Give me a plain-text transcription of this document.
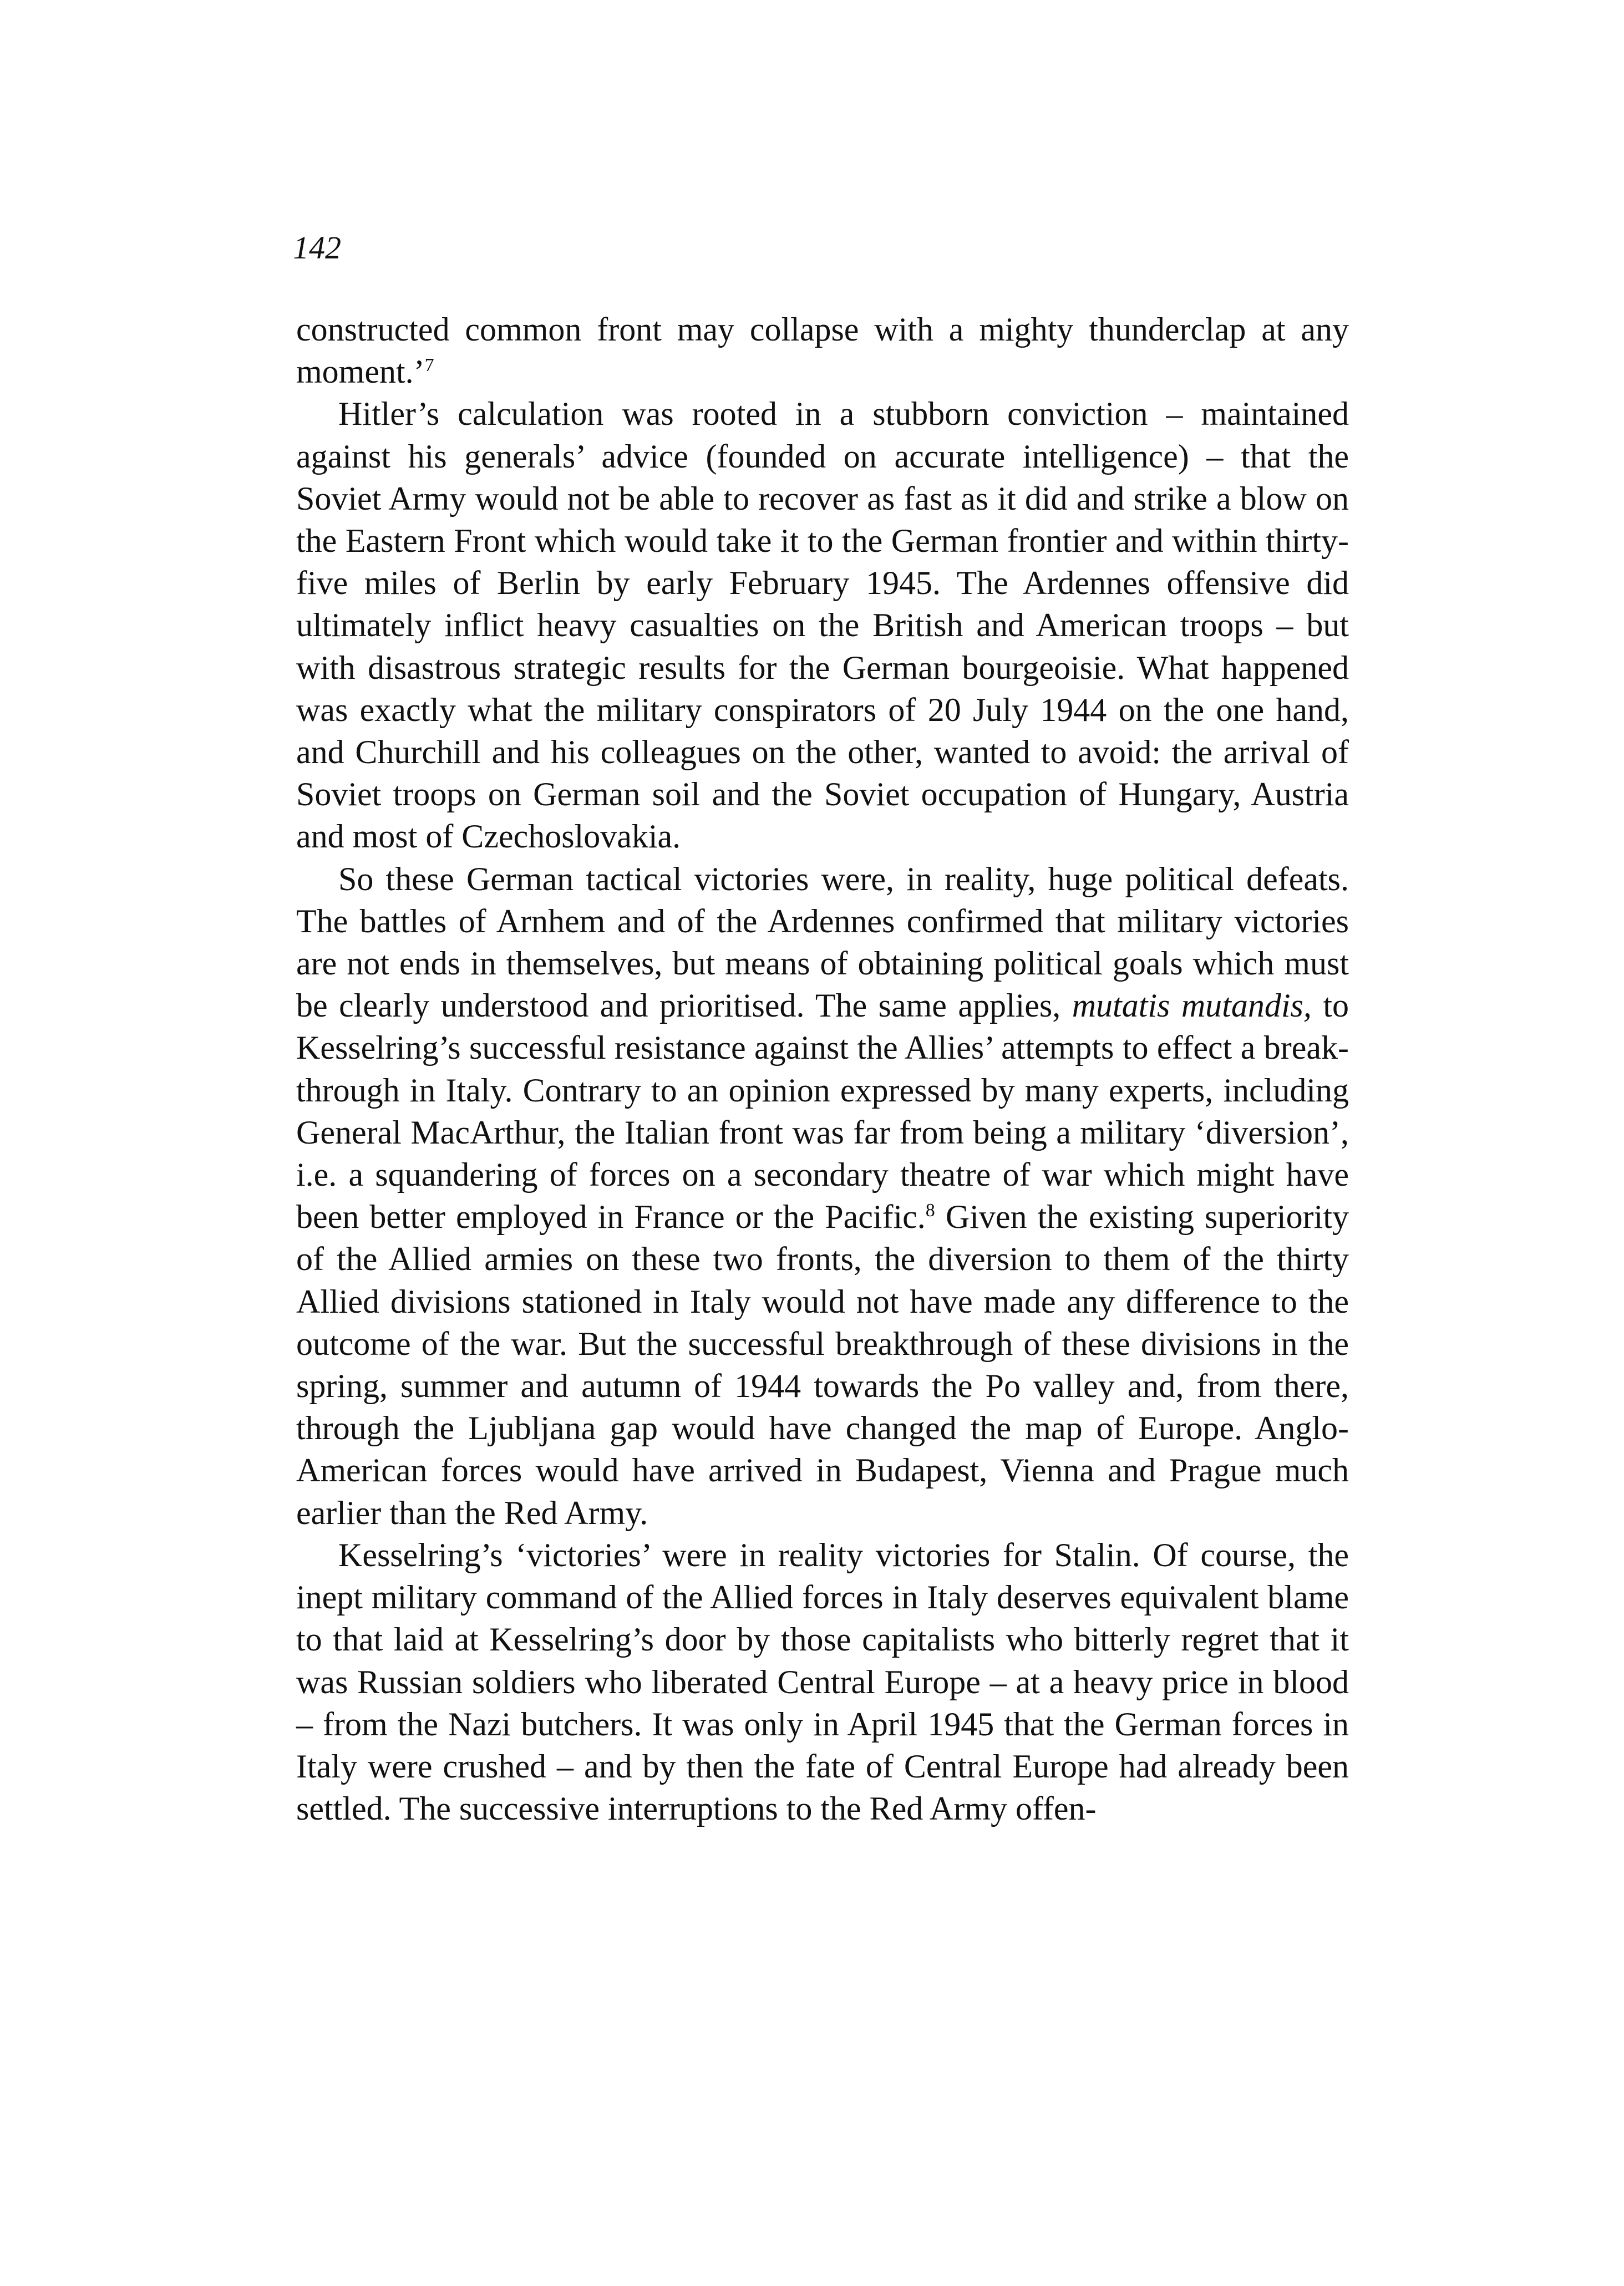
142

constructed common front may collapse with a mighty thunderclap at any moment.’$^7$

Hitler’s calculation was rooted in a stubborn conviction – maintained against his generals’ advice (founded on accurate intelligence) – that the Soviet Army would not be able to recover as fast as it did and strike a blow on the Eastern Front which would take it to the German frontier and within thirty-five miles of Berlin by early February 1945. The Ardennes offensive did ultimately inflict heavy casualties on the British and American troops – but with disastrous strategic results for the German bourgeoisie. What happened was exactly what the military conspirators of 20 July 1944 on the one hand, and Churchill and his colleagues on the other, wanted to avoid: the arrival of Soviet troops on German soil and the Soviet occupation of Hungary, Austria and most of Czechoslovakia.

So these German tactical victories were, in reality, huge political defeats. The battles of Arnhem and of the Ardennes confirmed that military victories are not ends in themselves, but means of obtaining political goals which must be clearly understood and prioritised. The same applies, mutatis mutandis, to Kesselring’s successful resistance against the Allies’ attempts to effect a breakthrough in Italy. Contrary to an opinion expressed by many experts, including General MacArthur, the Italian front was far from being a military ‘diversion’, i.e. a squandering of forces on a secondary theatre of war which might have been better employed in France or the Pacific.$^8$ Given the existing superiority of the Allied armies on these two fronts, the diversion to them of the thirty Allied divisions stationed in Italy would not have made any difference to the outcome of the war. But the successful breakthrough of these divisions in the spring, summer and autumn of 1944 towards the Po valley and, from there, through the Ljubljana gap would have changed the map of Europe. Anglo-American forces would have arrived in Budapest, Vienna and Prague much earlier than the Red Army.

Kesselring’s ‘victories’ were in reality victories for Stalin. Of course, the inept military command of the Allied forces in Italy deserves equivalent blame to that laid at Kesselring’s door by those capitalists who bitterly regret that it was Russian soldiers who liberated Central Europe – at a heavy price in blood – from the Nazi butchers. It was only in April 1945 that the German forces in Italy were crushed – and by then the fate of Central Europe had already been settled. The successive interruptions to the Red Army offen-
